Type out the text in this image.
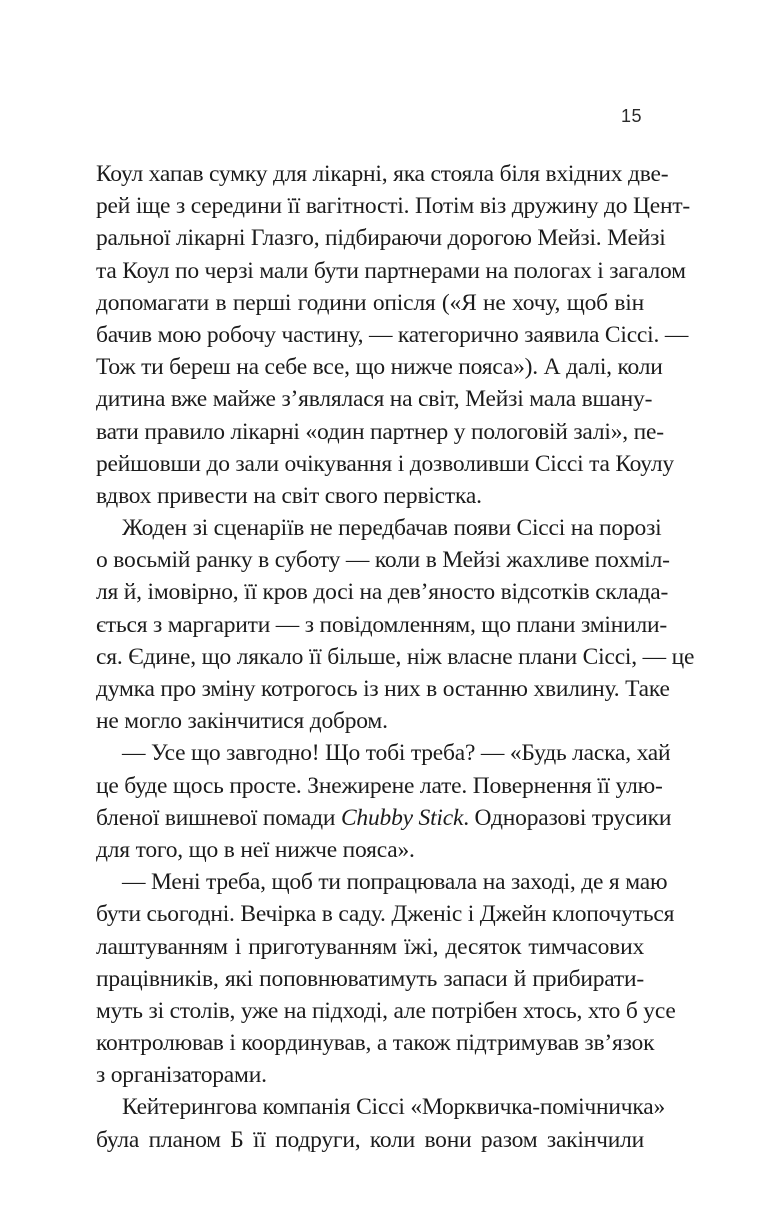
15
Коул хапав сумку для лікарні, яка стояла біля вхідних две-
рей іще з середини її вагітності. Потім віз дружину до Цент-
ральної лікарні Глазго, підбираючи дорогою Мейзі. Мейзі
та Коул по черзі мали бути партнерами на пологах і загалом
допомагати в перші години опісля («Я не хочу, щоб він
бачив мою робочу частину, — категорично заявила Сіссі. —
Тож ти береш на себе все, що нижче пояса»). А далі, коли
дитина вже майже з’являлася на світ, Мейзі мала вшану-
вати правило лікарні «один партнер у пологовій залі», пе-
рейшовши до зали очікування і дозволивши Сіссі та Коулу
вдвох привести на світ свого первістка.
Жоден зі сценаріїв не передбачав появи Сіссі на порозі
о восьмій ранку в суботу — коли в Мейзі жахливе похміл-
ля й, імовірно, її кров досі на дев’яносто відсотків склада-
ється з маргарити — з повідомленням, що плани змінили-
ся. Єдине, що лякало її більше, ніж власне плани Сіссі, — це
думка про зміну котрогось із них в останню хвилину. Таке
не могло закінчитися добром.
— Усе що завгодно! Що тобі треба? — «Будь ласка, хай
це буде щось просте. Знежирене лате. Повернення її улю-
бленої вишневої помади Chubby Stick. Одноразові трусики
для того, що в неї нижче пояса».
— Мені треба, щоб ти попрацювала на заході, де я маю
бути сьогодні. Вечірка в саду. Дженіс і Джейн клопочуться
лаштуванням і приготуванням їжі, десяток тимчасових
працівників, які поповнюватимуть запаси й прибирати-
муть зі столів, уже на підході, але потрібен хтось, хто б усе
контролював і координував, а також підтримував зв’язок
з організаторами.
Кейтерингова компанія Сіссі «Морквичка-помічничка»
була планом Б її подруги, коли вони разом закінчили
